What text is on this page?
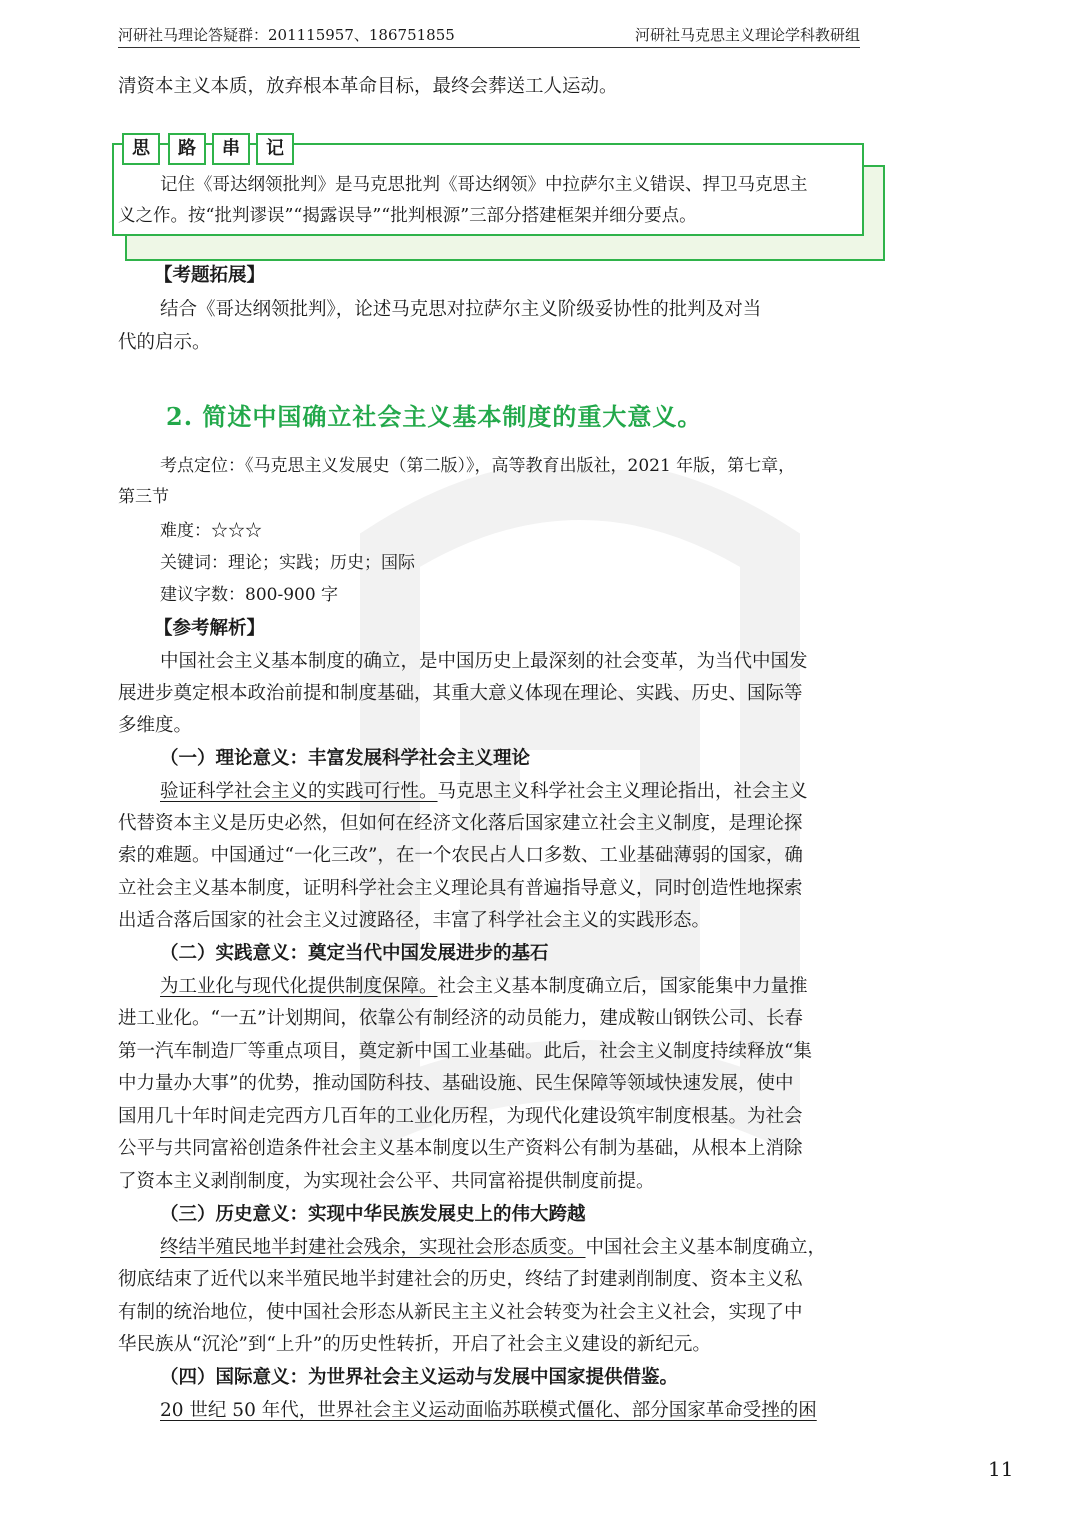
河研社马理论答疑群：201115957、186751855	河研社马克思主义理论学科教研组
清资本主义本质，放弃根本革命目标，最终会葬送工人运动。
思	路	串	记
记住《哥达纲领批判》是马克思批判《哥达纲领》中拉萨尔主义错误、捍卫马克思主
义之作。按“批判谬误”“揭露误导”“批判根源”三部分搭建框架并细分要点。
【考题拓展】
结合《哥达纲领批判》，论述马克思对拉萨尔主义阶级妥协性的批判及对当
代的启示。
2. 简述中国确立社会主义基本制度的重大意义。
考点定位：《马克思主义发展史（第二版）》，高等教育出版社，2021 年版，第七章，
第三节
难度：☆☆☆
关键词：理论；实践；历史；国际
建议字数：800-900 字
【参考解析】
中国社会主义基本制度的确立，是中国历史上最深刻的社会变革，为当代中国发
展进步奠定根本政治前提和制度基础，其重大意义体现在理论、实践、历史、国际等
多维度。
（一）理论意义：丰富发展科学社会主义理论
验证科学社会主义的实践可行性。马克思主义科学社会主义理论指出，社会主义
代替资本主义是历史必然，但如何在经济文化落后国家建立社会主义制度，是理论探
索的难题。中国通过“一化三改”，在一个农民占人口多数、工业基础薄弱的国家，确
立社会主义基本制度，证明科学社会主义理论具有普遍指导意义，同时创造性地探索
出适合落后国家的社会主义过渡路径，丰富了科学社会主义的实践形态。
（二）实践意义：奠定当代中国发展进步的基石
为工业化与现代化提供制度保障。社会主义基本制度确立后，国家能集中力量推
进工业化。“一五”计划期间，依靠公有制经济的动员能力，建成鞍山钢铁公司、长春
第一汽车制造厂等重点项目，奠定新中国工业基础。此后，社会主义制度持续释放“集
中力量办大事”的优势，推动国防科技、基础设施、民生保障等领域快速发展，使中
国用几十年时间走完西方几百年的工业化历程，为现代化建设筑牢制度根基。为社会
公平与共同富裕创造条件社会主义基本制度以生产资料公有制为基础，从根本上消除
了资本主义剥削制度，为实现社会公平、共同富裕提供制度前提。
（三）历史意义：实现中华民族发展史上的伟大跨越
终结半殖民地半封建社会残余，实现社会形态质变。中国社会主义基本制度确立，
彻底结束了近代以来半殖民地半封建社会的历史，终结了封建剥削制度、资本主义私
有制的统治地位，使中国社会形态从新民主主义社会转变为社会主义社会，实现了中
华民族从“沉沦”到“上升”的历史性转折，开启了社会主义建设的新纪元。
（四）国际意义：为世界社会主义运动与发展中国家提供借鉴。
20 世纪 50 年代，世界社会主义运动面临苏联模式僵化、部分国家革命受挫的困
11
